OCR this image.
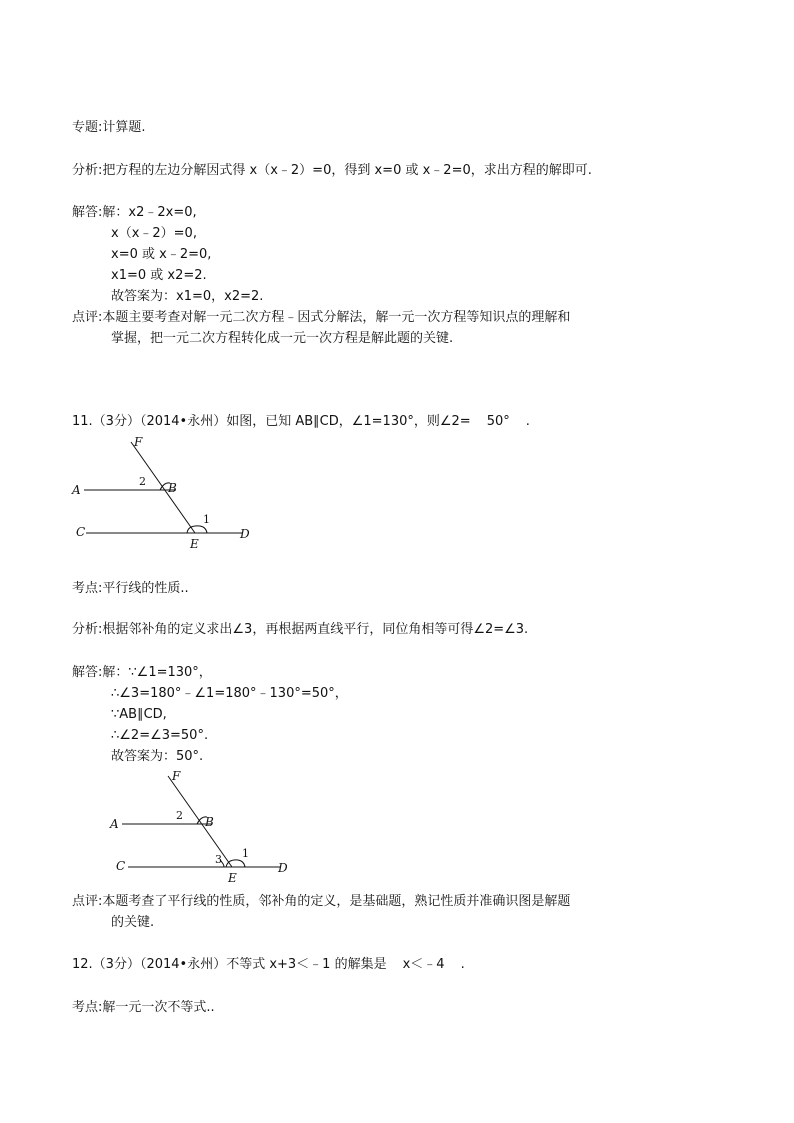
专题:计算题.
分析:把方程的左边分解因式得 x（x﹣2）=0，得到 x=0 或 x﹣2=0，求出方程的解即可.
解答:解：x2﹣2x=0,
x（x﹣2）=0,
x=0 或 x﹣2=0,
x1=0 或 x2=2.
故答案为：x1=0，x2=2.
点评:本题主要考查对解一元二次方程﹣因式分解法，解一元一次方程等知识点的理解和
掌握，把一元二次方程转化成一元一次方程是解此题的关键.
11.（3分）（2014•永州）如图，已知 AB∥CD，∠1=130°，则∠2= 50° .
F
A	B
C	D
E
2
1
考点:平行线的性质..
分析:根据邻补角的定义求出∠3，再根据两直线平行，同位角相等可得∠2=∠3.
解答:解：∵∠1=130°，
∴∠3=180°﹣∠1=180°﹣130°=50°，
∵AB∥CD,
∴∠2=∠3=50°.
故答案为：50°.
F
A	B
C	D
E
2
1
3
点评:本题考查了平行线的性质，邻补角的定义，是基础题，熟记性质并准确识图是解题
的关键.
12.（3分）（2014•永州）不等式 x+3＜﹣1 的解集是 x＜﹣4 .
考点:解一元一次不等式..
